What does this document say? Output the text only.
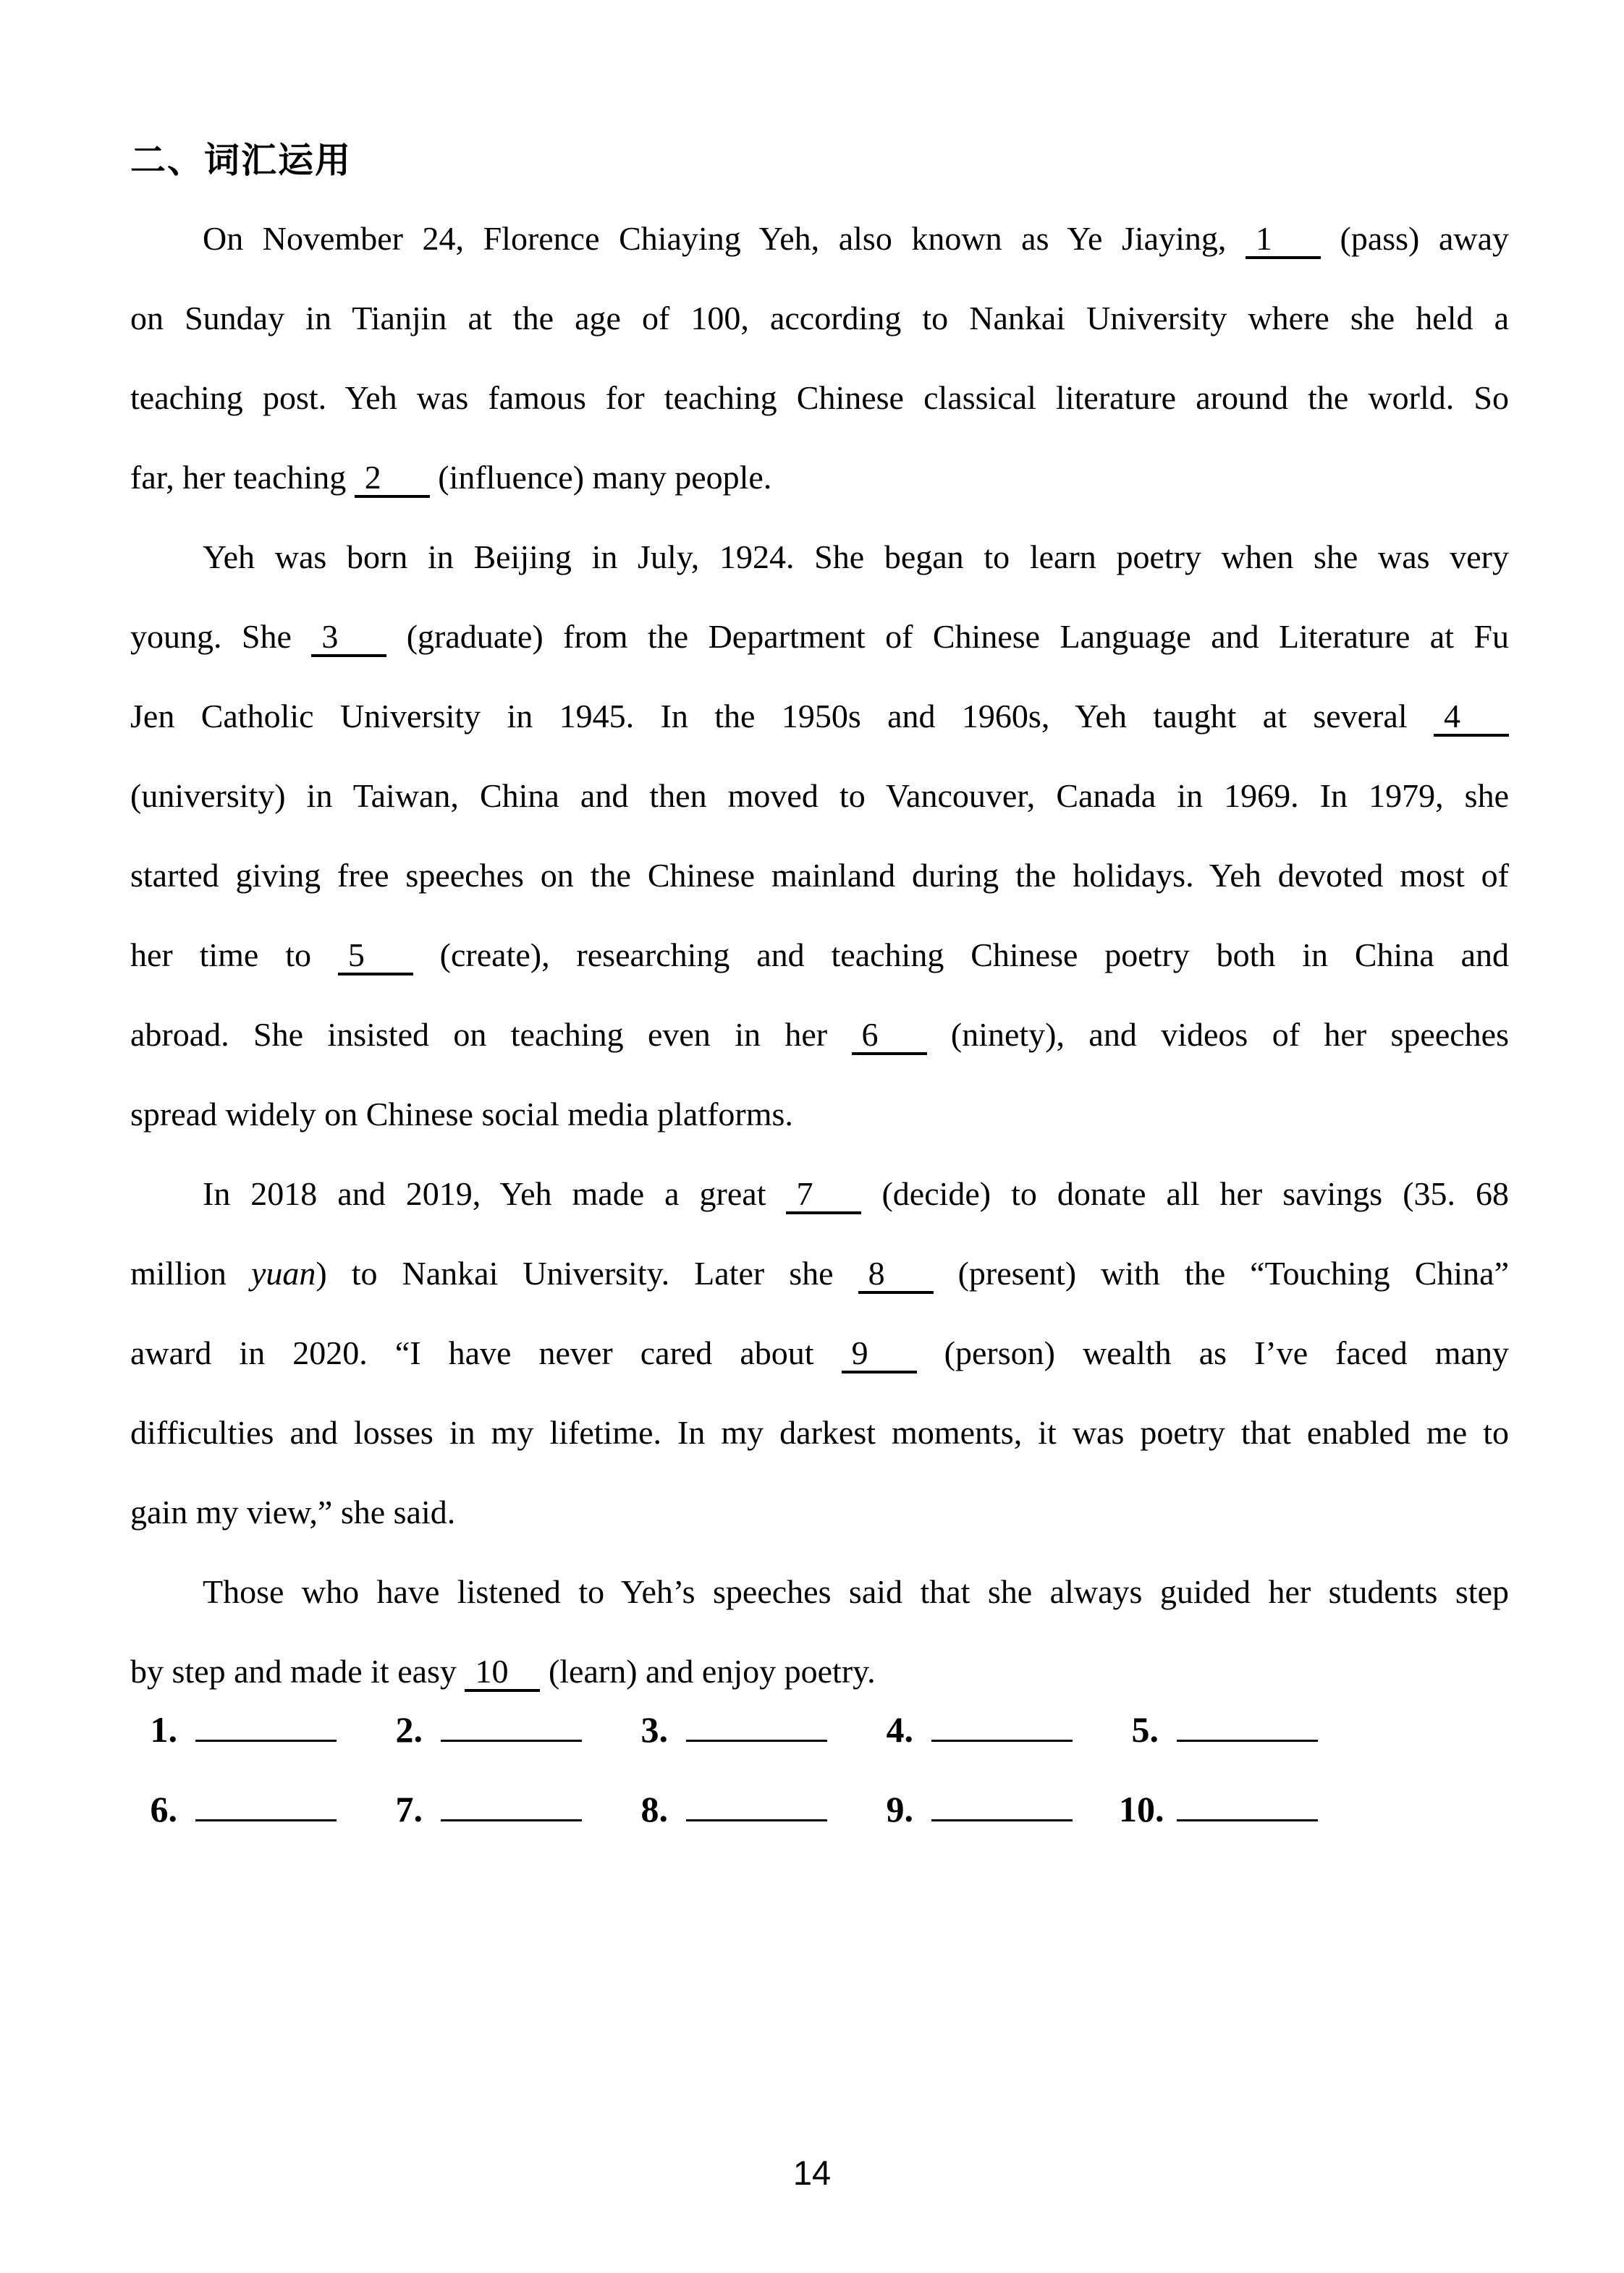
二、词汇运用
On November 24, Florence Chiaying Yeh, also known as Ye Jiaying, 1 (pass) away
on Sunday in Tianjin at the age of 100, according to Nankai University where she held a
teaching post. Yeh was famous for teaching Chinese classical literature around the world. So
far, her teaching 2 (influence) many people.
Yeh was born in Beijing in July, 1924. She began to learn poetry when she was very
young. She 3 (graduate) from the Department of Chinese Language and Literature at Fu
Jen Catholic University in 1945. In the 1950s and 1960s, Yeh taught at several 4
(university) in Taiwan, China and then moved to Vancouver, Canada in 1969. In 1979, she
started giving free speeches on the Chinese mainland during the holidays. Yeh devoted most of
her time to 5 (create), researching and teaching Chinese poetry both in China and
abroad. She insisted on teaching even in her 6 (ninety), and videos of her speeches
spread widely on Chinese social media platforms.
In 2018 and 2019, Yeh made a great 7 (decide) to donate all her savings (35. 68
million yuan) to Nankai University. Later she 8 (present) with the “Touching China”
award in 2020. “I have never cared about 9 (person) wealth as I’ve faced many
difficulties and losses in my lifetime. In my darkest moments, it was poetry that enabled me to
gain my view,” she said.
Those who have listened to Yeh’s speeches said that she always guided her students step
by step and made it easy 10 (learn) and enjoy poetry.
1.	2.	3.	4.	5.
6.	7.	8.	9.	10.
14
